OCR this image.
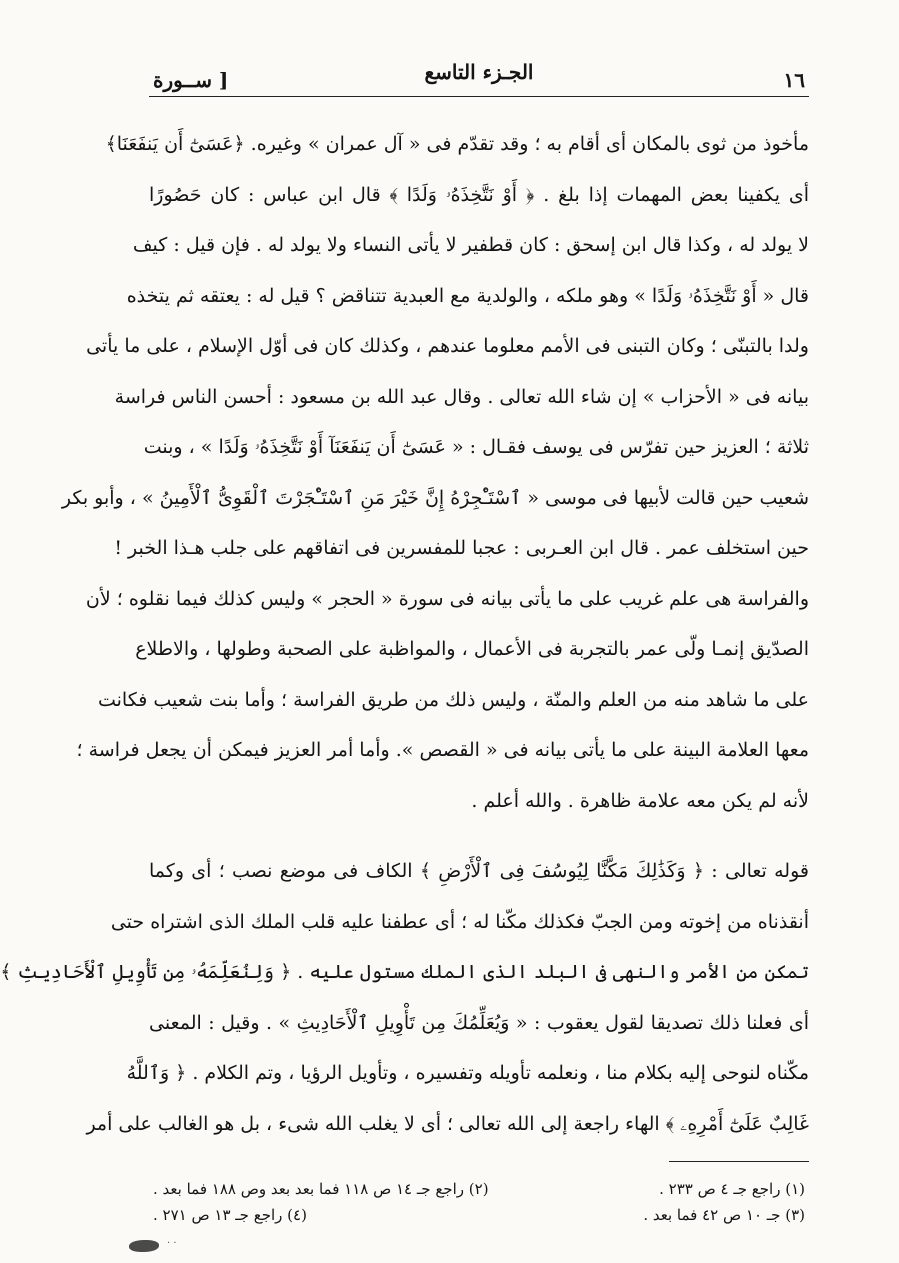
١٦
الجـزء التاسع
[ ســورة

مأخوذ من ثوى بالمكان أى أقام به ؛ وقد تقدّم فى « آل عمران » وغيره. ﴿عَسَىٰٓ أَن يَنفَعَنَا﴾

أى يكفينا بعض المهمات إذا بلغ . ﴿ أَوْ نَتَّخِذَهُۥ وَلَدًا ﴾ قال ابن عباس : كان حَصُورًا

لا يولد له ، وكذا قال ابن إسحق : كان قطفير لا يأتى النساء ولا يولد له . فإن قيل : كيف

قال « أَوْ نَتَّخِذَهُۥ وَلَدًا » وهو ملكه ، والولدية مع العبدية تتناقض ؟ قيل له : يعتقه ثم يتخذه

ولدا بالتبنّى ؛ وكان التبنى فى الأمم معلوما عندهم ، وكذلك كان فى أوّل الإسلام ، على ما يأتى

بيانه فى « الأحزاب » إن شاء الله تعالى . وقال عبد الله بن مسعود : أحسن الناس فراسة

ثلاثة ؛ العزيز حين تفرّس فى يوسف فقـال : « عَسَىٰٓ أَن يَنفَعَنَآ أَوْ نَتَّخِذَهُۥ وَلَدًا » ، وبنت

شعيب حين قالت لأبيها فى موسى « ٱسْتَـْٔجِرْهُ إِنَّ خَيْرَ مَنِ ٱسْتَـْٔجَرْتَ ٱلْقَوِىُّ ٱلْأَمِينُ » ، وأبو بكر

حين استخلف عمر . قال ابن العـربى : عجبا للمفسرين فى اتفاقهم على جلب هـذا الخبر !

والفراسة هى علم غريب على ما يأتى بيانه فى سورة « الحجر » وليس كذلك فيما نقلوه ؛ لأن

الصدّيق إنمـا ولّى عمر بالتجربة فى الأعمال ، والمواظبة على الصحبة وطولها ، والاطلاع

على ما شاهد منه من العلم والمنّة ، وليس ذلك من طريق الفراسة ؛ وأما بنت شعيب فكانت

معها العلامة البينة على ما يأتى بيانه فى « القصص ». وأما أمر العزيز فيمكن أن يجعل فراسة ؛

لأنه لم يكن معه علامة ظاهرة . والله أعلم .

قوله تعالى : ﴿ وَكَذَٰلِكَ مَكَّنَّا لِيُوسُفَ فِى ٱلْأَرْضِ ﴾ الكاف فى موضع نصب ؛ أى وكما

أنقذناه من إخوته ومن الجبّ فكذلك مكّنا له ؛ أى عطفنا عليه قلب الملك الذى اشتراه حتى

تمكن من الأمر والنهى فى البلد الذى الملك مستول عليه . ﴿ وَلِنُعَلِّمَهُۥ مِن تَأْوِيلِ ٱلْأَحَادِيثِ ﴾

أى فعلنا ذلك تصديقا لقول يعقوب : « وَيُعَلِّمُكَ مِن تَأْوِيلِ ٱلْأَحَادِيثِ » . وقيل : المعنى

مكّناه لنوحى إليه بكلام منا ، ونعلمه تأويله وتفسيره ، وتأويل الرؤيا ، وتم الكلام . ﴿ وَٱللَّهُ

غَالِبٌ عَلَىٰٓ أَمْرِهِۦ ﴾ الهاء راجعة إلى الله تعالى ؛ أى لا يغلب الله شىء ، بل هو الغالب على أمر

(١) راجع جـ ٤ ص ٢٣٣ .
(٢) راجع جـ ١٤ ص ١١٨ فما بعد بعد وص ١٨٨ فما بعد .
(٣) جـ ١٠ ص ٤٢ فما بعد .
(٤) راجع جـ ١٣ ص ٢٧١ .
· ·
